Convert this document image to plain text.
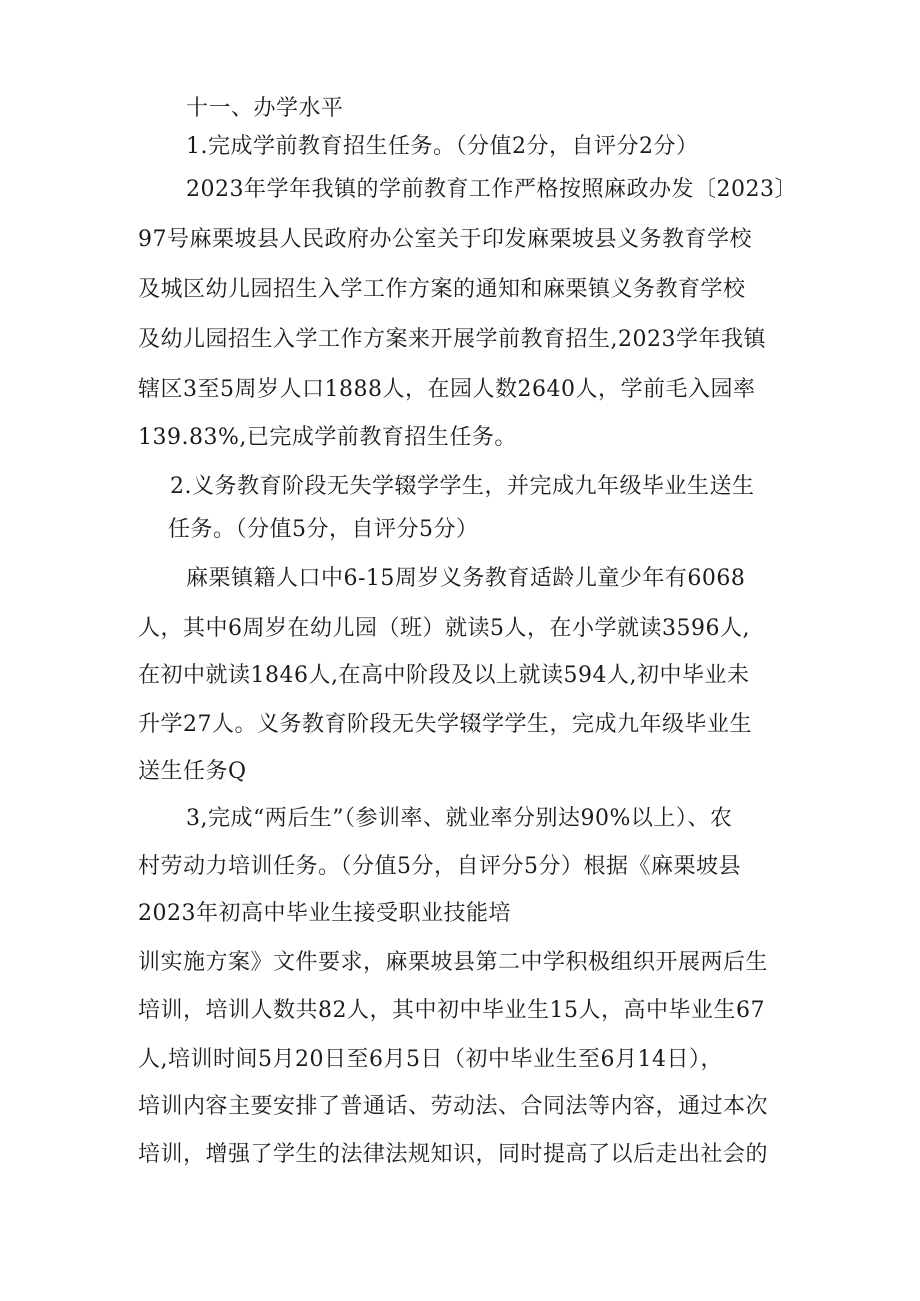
十一、办学水平
1.完成学前教育招生任务。（分值2分，自评分2分）
2023年学年我镇的学前教育工作严格按照麻政办发〔2023〕
97号麻栗坡县人民政府办公室关于印发麻栗坡县义务教育学校
及城区幼儿园招生入学工作方案的通知和麻栗镇义务教育学校
及幼儿园招生入学工作方案来开展学前教育招生,2023学年我镇
辖区3至5周岁人口1888人，在园人数2640人，学前毛入园率
139.83%,已完成学前教育招生任务。
2.义务教育阶段无失学辍学学生，并完成九年级毕业生送生
任务。（分值5分，自评分5分）
麻栗镇籍人口中6-15周岁义务教育适龄儿童少年有6068
人，其中6周岁在幼儿园（班）就读5人，在小学就读3596人,
在初中就读1846人,在高中阶段及以上就读594人,初中毕业未
升学27人。义务教育阶段无失学辍学学生，完成九年级毕业生
送生任务Q
3,完成“两后生”（参训率、就业率分别达90%以上）、农
村劳动力培训任务。（分值5分，自评分5分）根据《麻栗坡县
2023年初高中毕业生接受职业技能培
训实施方案》文件要求，麻栗坡县第二中学积极组织开展两后生
培训，培训人数共82人，其中初中毕业生15人，高中毕业生67
人,培训时间5月20日至6月5日（初中毕业生至6月14日），
培训内容主要安排了普通话、劳动法、合同法等内容，通过本次
培训，增强了学生的法律法规知识，同时提高了以后走出社会的
